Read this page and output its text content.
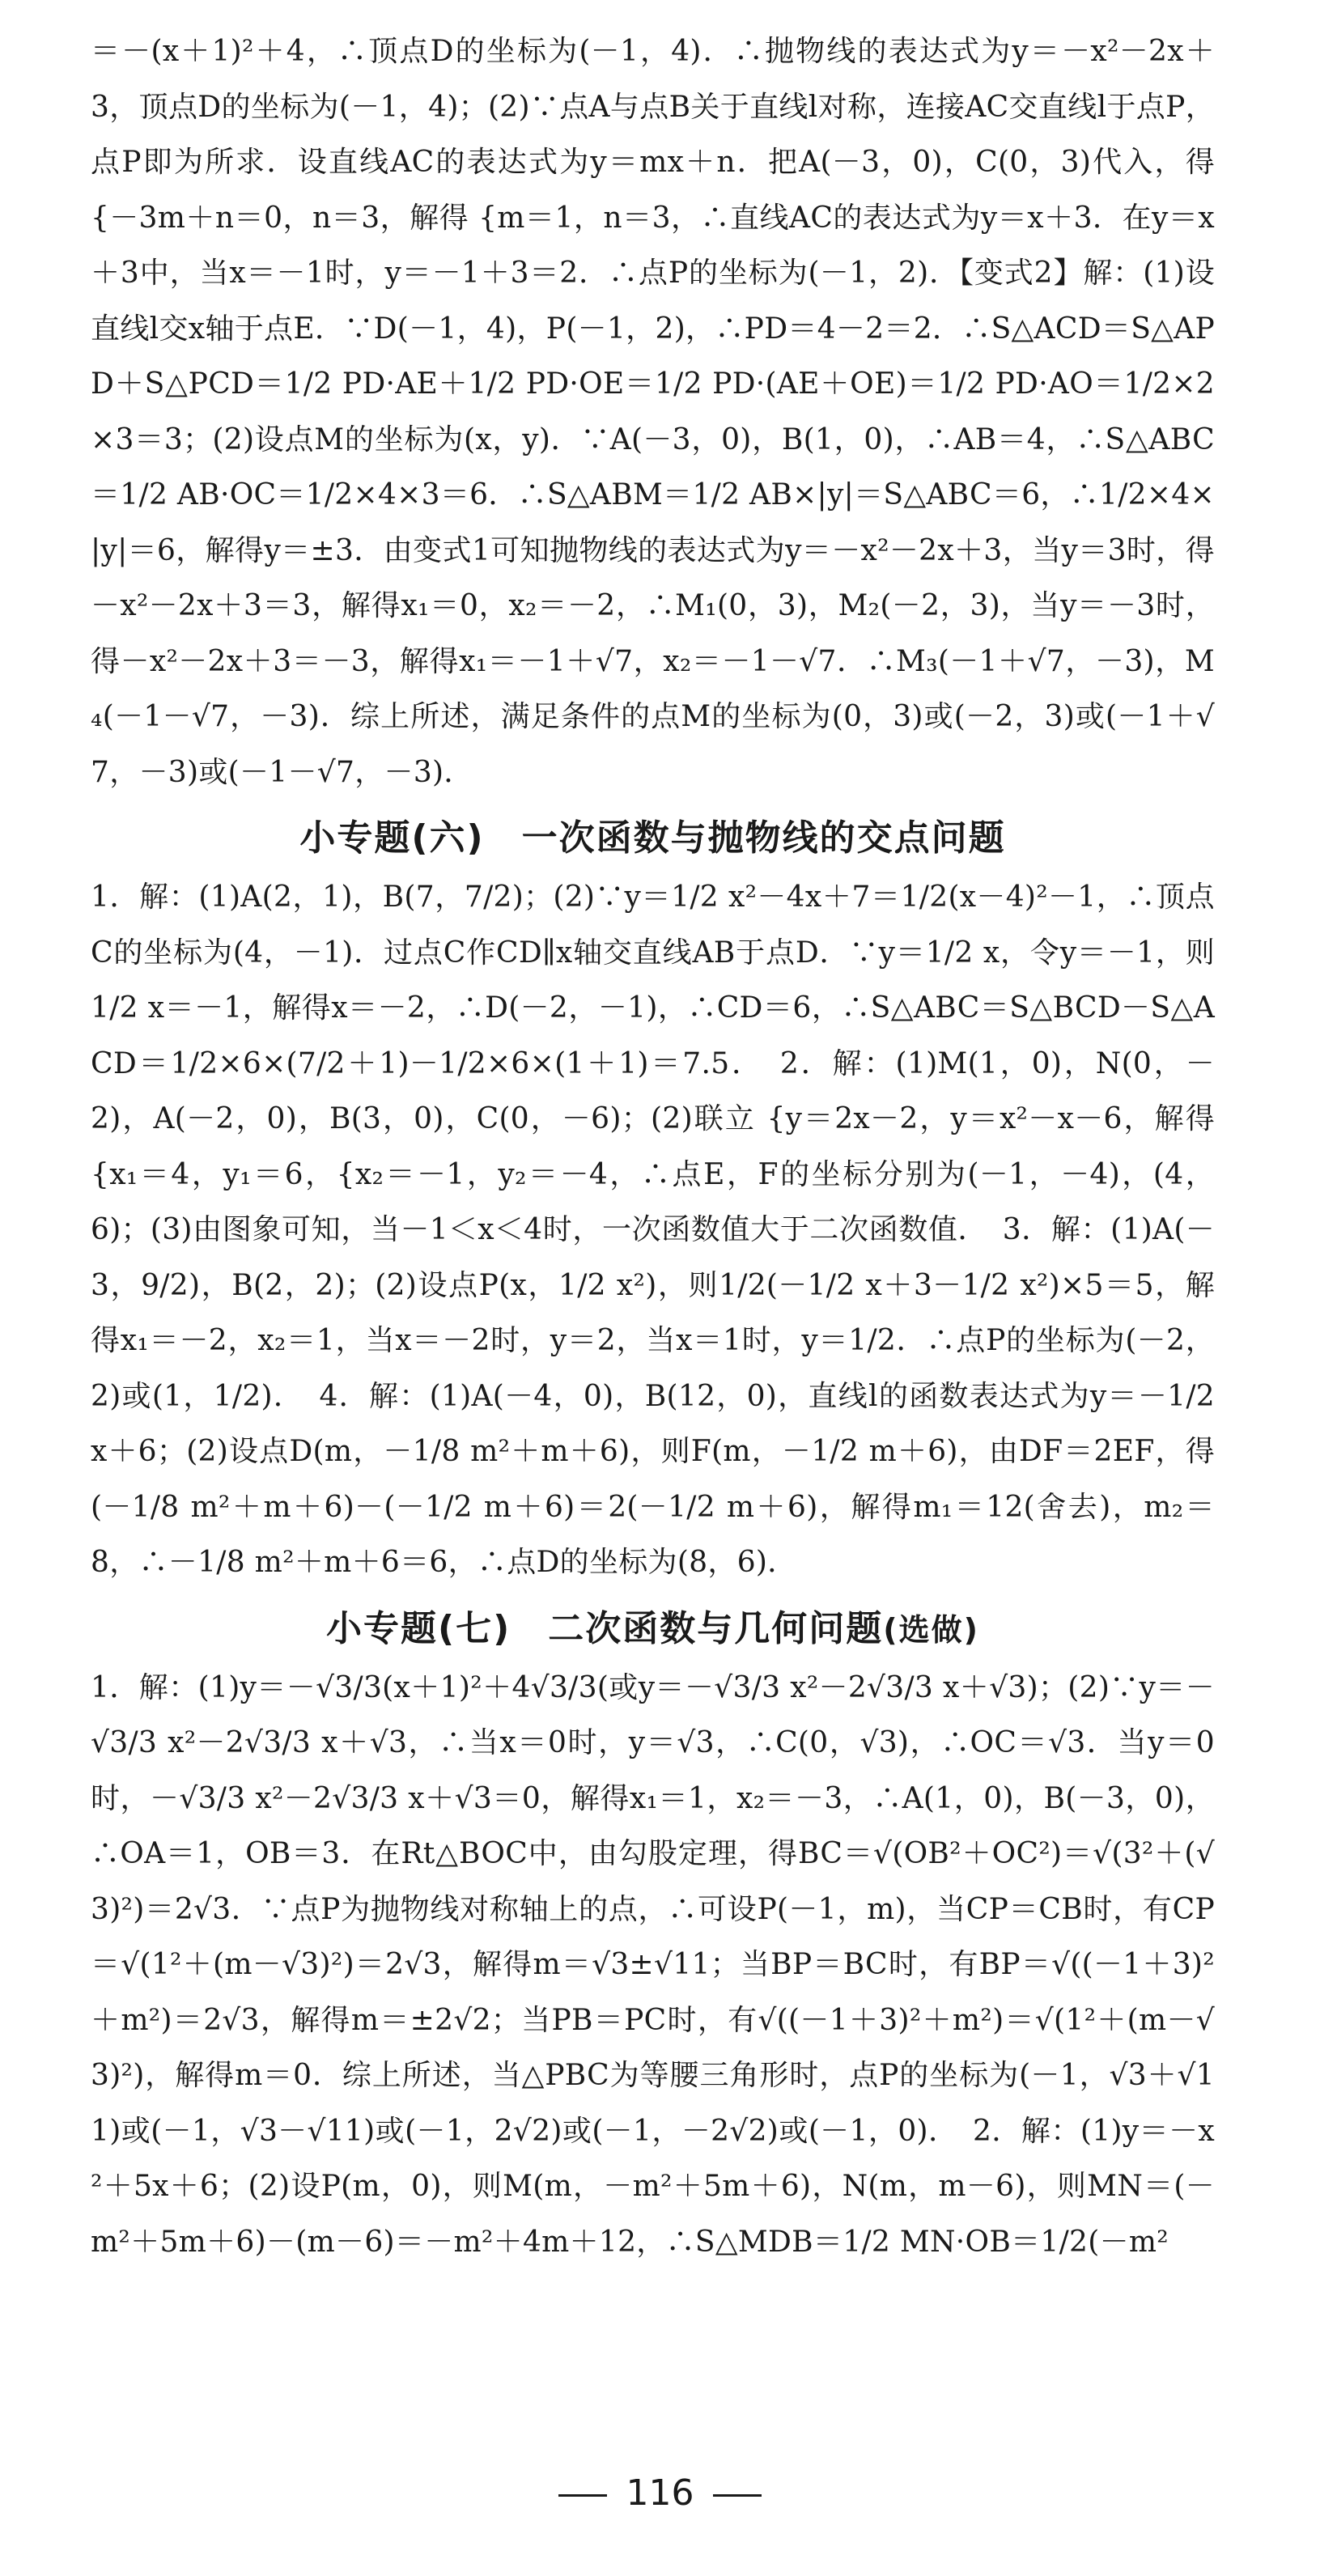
＝－(x＋1)²＋4，∴顶点D的坐标为(－1，4)．∴抛物线的表达式为y＝－x²－2x＋3，顶点D的坐标为(－1，4)；(2)∵点A与点B关于直线l对称，连接AC交直线l于点P，点P即为所求．设直线AC的表达式为y＝mx＋n．把A(－3，0)，C(0，3)代入，得 {－3m＋n＝0，n＝3，解得 {m＝1，n＝3，∴直线AC的表达式为y＝x＋3．在y＝x＋3中，当x＝－1时，y＝－1＋3＝2．∴点P的坐标为(－1，2)．【变式2】解：(1)设直线l交x轴于点E．∵D(－1，4)，P(－1，2)，∴PD＝4－2＝2．∴S△ACD＝S△APD＋S△PCD＝1/2 PD·AE＋1/2 PD·OE＝1/2 PD·(AE＋OE)＝1/2 PD·AO＝1/2×2×3＝3；(2)设点M的坐标为(x，y)．∵A(－3，0)，B(1，0)，∴AB＝4，∴S△ABC＝1/2 AB·OC＝1/2×4×3＝6．∴S△ABM＝1/2 AB×|y|＝S△ABC＝6，∴1/2×4×|y|＝6，解得y＝±3．由变式1可知抛物线的表达式为y＝－x²－2x＋3，当y＝3时，得－x²－2x＋3＝3，解得x₁＝0，x₂＝－2，∴M₁(0，3)，M₂(－2，3)，当y＝－3时，得－x²－2x＋3＝－3，解得x₁＝－1＋√7，x₂＝－1－√7．∴M₃(－1＋√7，－3)，M₄(－1－√7，－3)．综上所述，满足条件的点M的坐标为(0，3)或(－2，3)或(－1＋√7，－3)或(－1－√7，－3)．

小专题(六)　一次函数与抛物线的交点问题

1．解：(1)A(2，1)，B(7，7/2)；(2)∵y＝1/2 x²－4x＋7＝1/2(x－4)²－1，∴顶点C的坐标为(4，－1)．过点C作CD∥x轴交直线AB于点D．∵y＝1/2 x，令y＝－1，则1/2 x＝－1，解得x＝－2，∴D(－2，－1)，∴CD＝6，∴S△ABC＝S△BCD－S△ACD＝1/2×6×(7/2＋1)－1/2×6×(1＋1)＝7.5．　2．解：(1)M(1，0)，N(0，－2)，A(－2，0)，B(3，0)，C(0，－6)；(2)联立 {y＝2x－2，y＝x²－x－6，解得 {x₁＝4，y₁＝6，{x₂＝－1，y₂＝－4，∴点E，F的坐标分别为(－1，－4)，(4，6)；(3)由图象可知，当－1＜x＜4时，一次函数值大于二次函数值．　3．解：(1)A(－3，9/2)，B(2，2)；(2)设点P(x，1/2 x²)，则1/2(－1/2 x＋3－1/2 x²)×5＝5，解得x₁＝－2，x₂＝1，当x＝－2时，y＝2，当x＝1时，y＝1/2．∴点P的坐标为(－2，2)或(1，1/2)．　4．解：(1)A(－4，0)，B(12，0)，直线l的函数表达式为y＝－1/2 x＋6；(2)设点D(m，－1/8 m²＋m＋6)，则F(m，－1/2 m＋6)，由DF＝2EF，得(－1/8 m²＋m＋6)－(－1/2 m＋6)＝2(－1/2 m＋6)，解得m₁＝12(舍去)，m₂＝8，∴－1/8 m²＋m＋6＝6，∴点D的坐标为(8，6)．

小专题(七)　二次函数与几何问题(选做)

1．解：(1)y＝－√3/3(x＋1)²＋4√3/3(或y＝－√3/3 x²－2√3/3 x＋√3)；(2)∵y＝－√3/3 x²－2√3/3 x＋√3，∴当x＝0时，y＝√3，∴C(0，√3)，∴OC＝√3．当y＝0时，－√3/3 x²－2√3/3 x＋√3＝0，解得x₁＝1，x₂＝－3，∴A(1，0)，B(－3，0)，∴OA＝1，OB＝3．在Rt△BOC中，由勾股定理，得BC＝√(OB²＋OC²)＝√(3²＋(√3)²)＝2√3．∵点P为抛物线对称轴上的点，∴可设P(－1，m)，当CP＝CB时，有CP＝√(1²＋(m－√3)²)＝2√3，解得m＝√3±√11；当BP＝BC时，有BP＝√((－1＋3)²＋m²)＝2√3，解得m＝±2√2；当PB＝PC时，有√((－1＋3)²＋m²)＝√(1²＋(m－√3)²)，解得m＝0．综上所述，当△PBC为等腰三角形时，点P的坐标为(－1，√3＋√11)或(－1，√3－√11)或(－1，2√2)或(－1，－2√2)或(－1，0)．　2．解：(1)y＝－x²＋5x＋6；(2)设P(m，0)，则M(m，－m²＋5m＋6)，N(m，m－6)，则MN＝(－m²＋5m＋6)－(m－6)＝－m²＋4m＋12，∴S△MDB＝1/2 MN·OB＝1/2(－m²

116
